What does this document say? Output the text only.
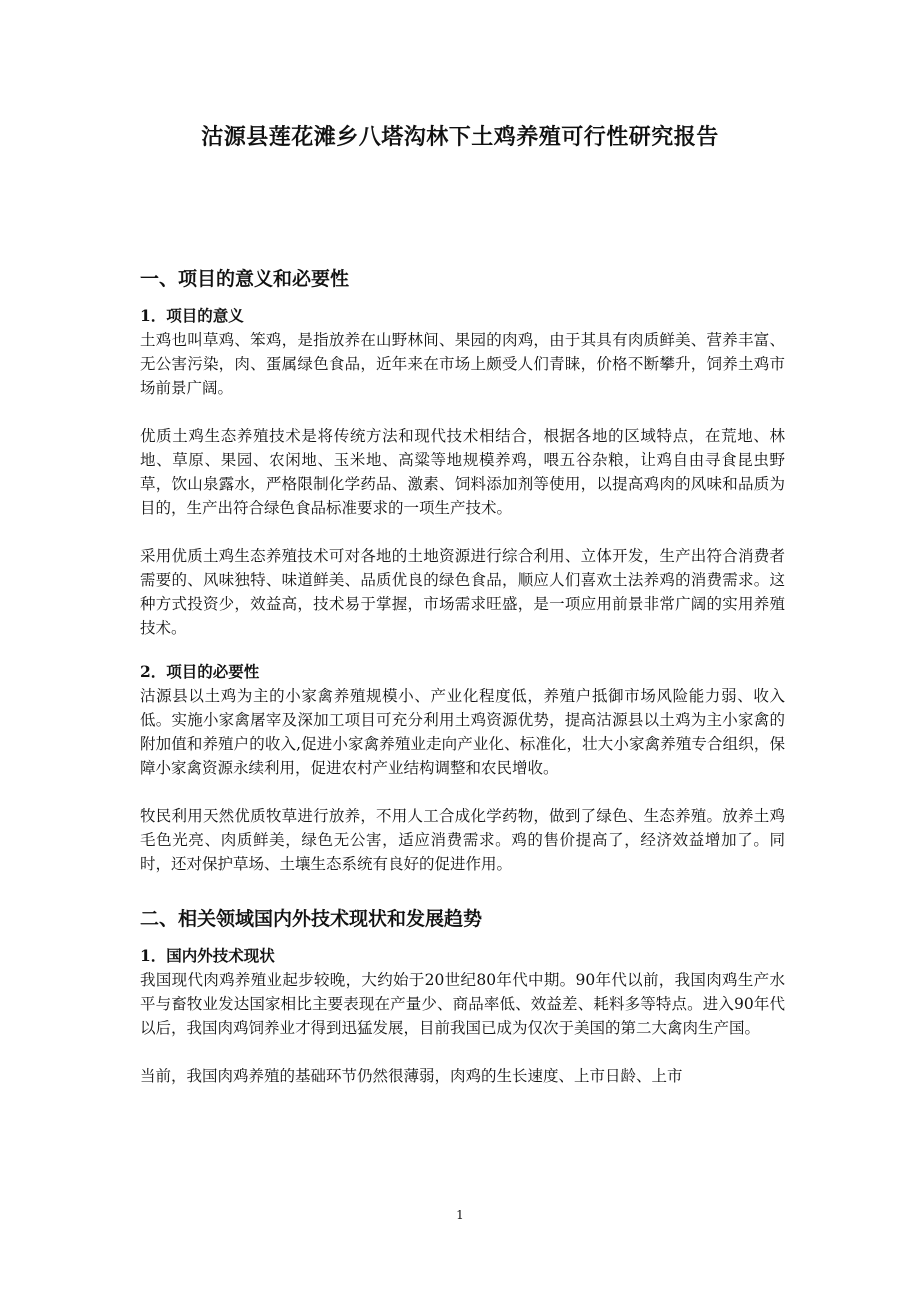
沽源县莲花滩乡八塔沟林下土鸡养殖可行性研究报告
一、项目的意义和必要性
1．项目的意义

土鸡也叫草鸡、笨鸡，是指放养在山野林间、果园的肉鸡，由于其具有肉质鲜美、营养丰富、无公害污染，肉、蛋属绿色食品，近年来在市场上颇受人们青睐，价格不断攀升，饲养土鸡市场前景广阔。

优质土鸡生态养殖技术是将传统方法和现代技术相结合，根据各地的区域特点，在荒地、林地、草原、果园、农闲地、玉米地、高粱等地规模养鸡，喂五谷杂粮，让鸡自由寻食昆虫野草，饮山泉露水，严格限制化学药品、激素、饲料添加剂等使用，以提高鸡肉的风味和品质为目的，生产出符合绿色食品标准要求的一项生产技术。

采用优质土鸡生态养殖技术可对各地的土地资源进行综合利用、立体开发，生产出符合消费者需要的、风味独特、味道鲜美、品质优良的绿色食品，顺应人们喜欢土法养鸡的消费需求。这种方式投资少，效益高，技术易于掌握，市场需求旺盛，是一项应用前景非常广阔的实用养殖技术。

2．项目的必要性

沽源县以土鸡为主的小家禽养殖规模小、产业化程度低，养殖户抵御市场风险能力弱、收入低。实施小家禽屠宰及深加工项目可充分利用土鸡资源优势，提高沽源县以土鸡为主小家禽的附加值和养殖户的收入,促进小家禽养殖业走向产业化、标准化，壮大小家禽养殖专合组织，保障小家禽资源永续利用，促进农村产业结构调整和农民增收。

牧民利用天然优质牧草进行放养，不用人工合成化学药物，做到了绿色、生态养殖。放养土鸡毛色光亮、肉质鲜美，绿色无公害，适应消费需求。鸡的售价提高了，经济效益增加了。同时，还对保护草场、土壤生态系统有良好的促进作用。

二、相关领域国内外技术现状和发展趋势
1．国内外技术现状

我国现代肉鸡养殖业起步较晚，大约始于20世纪80年代中期。90年代以前，我国肉鸡生产水平与畜牧业发达国家相比主要表现在产量少、商品率低、效益差、耗料多等特点。进入90年代以后，我国肉鸡饲养业才得到迅猛发展，目前我国已成为仅次于美国的第二大禽肉生产国。

当前，我国肉鸡养殖的基础环节仍然很薄弱，肉鸡的生长速度、上市日龄、上市

1
